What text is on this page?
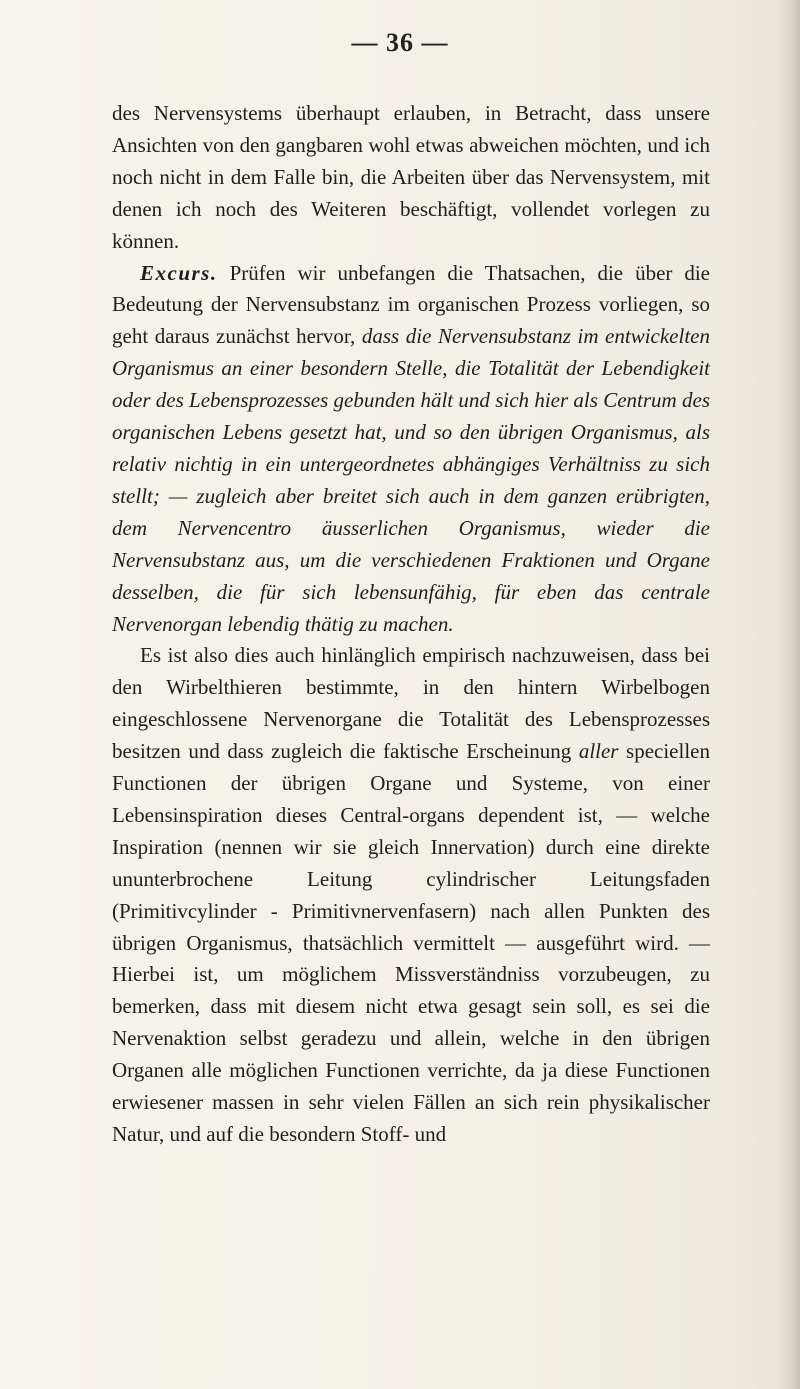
— 36 —

des Nervensystems überhaupt erlauben, in Betracht, dass unsere Ansichten von den gangbaren wohl etwas abweichen möchten, und ich noch nicht in dem Falle bin, die Arbeiten über das Nervensystem, mit denen ich noch des Weiteren beschäftigt, vollendet vorlegen zu können.

Excurs. Prüfen wir unbefangen die Thatsachen, die über die Bedeutung der Nervensubstanz im organischen Prozess vorliegen, so geht daraus zunächst hervor, dass die Nervensubstanz im entwickelten Organismus an einer besondern Stelle, die Totalität der Lebendigkeit oder des Lebensprozesses gebunden hält und sich hier als Centrum des organischen Lebens gesetzt hat, und so den übrigen Organismus, als relativ nichtig in ein untergeordnetes abhängiges Verhältniss zu sich stellt; — zugleich aber breitet sich auch in dem ganzen erübrigten, dem Nervencentro äusserlichen Organismus, wieder die Nervensubstanz aus, um die verschiedenen Fraktionen und Organe desselben, die für sich lebensunfähig, für eben das centrale Nervenorgan lebendig thätig zu machen.

Es ist also dies auch hinlänglich empirisch nachzuweisen, dass bei den Wirbelthieren bestimmte, in den hintern Wirbelbogen eingeschlossene Nervenorgane die Totalität des Lebensprozesses besitzen und dass zugleich die faktische Erscheinung aller speciellen Functionen der übrigen Organe und Systeme, von einer Lebensinspiration dieses Central-organs dependent ist, — welche Inspiration (nennen wir sie gleich Innervation) durch eine direkte ununterbrochene Leitung cylindrischer Leitungsfaden (Primitivcylinder - Primitivnervenfasern) nach allen Punkten des übrigen Organismus, thatsächlich vermittelt — ausgeführt wird. — Hierbei ist, um möglichem Missverständniss vorzubeugen, zu bemerken, dass mit diesem nicht etwa gesagt sein soll, es sei die Nervenaktion selbst geradezu und allein, welche in den übrigen Organen alle möglichen Functionen verrichte, da ja diese Functionen erwiesener massen in sehr vielen Fällen an sich rein physikalischer Natur, und auf die besondern Stoff- und
